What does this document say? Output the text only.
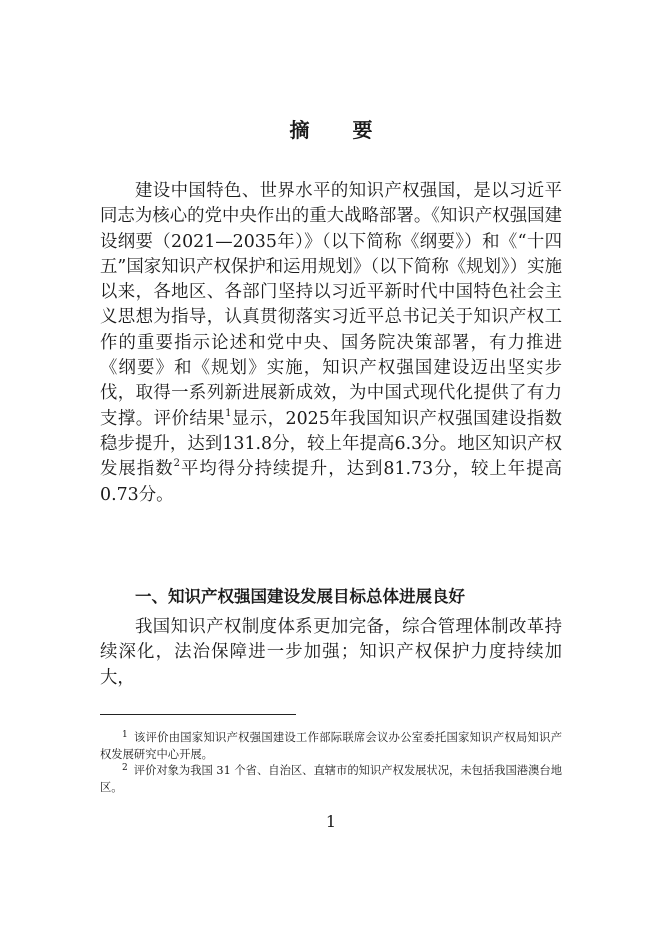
摘 要

建设中国特色、世界水平的知识产权强国，是以习近平同志为核心的党中央作出的重大战略部署。《知识产权强国建设纲要（2021—2035年）》（以下简称《纲要》）和《“十四五”国家知识产权保护和运用规划》（以下简称《规划》）实施以来，各地区、各部门坚持以习近平新时代中国特色社会主义思想为指导，认真贯彻落实习近平总书记关于知识产权工作的重要指示论述和党中央、国务院决策部署，有力推进《纲要》和《规划》实施，知识产权强国建设迈出坚实步伐，取得一系列新进展新成效，为中国式现代化提供了有力支撑。评价结果$^1$显示，2025年我国知识产权强国建设指数稳步提升，达到131.8分，较上年提高6.3分。地区知识产权发展指数$^2$平均得分持续提升，达到81.73分，较上年提高0.73分。

一、知识产权强国建设发展目标总体进展良好

我国知识产权制度体系更加完备，综合管理体制改革持续深化，法治保障进一步加强；知识产权保护力度持续加大，

$^1$ 该评价由国家知识产权强国建设工作部际联席会议办公室委托国家知识产权局知识产权发展研究中心开展。

$^2$ 评价对象为我国 31 个省、自治区、直辖市的知识产权发展状况，未包括我国港澳台地区。

1
